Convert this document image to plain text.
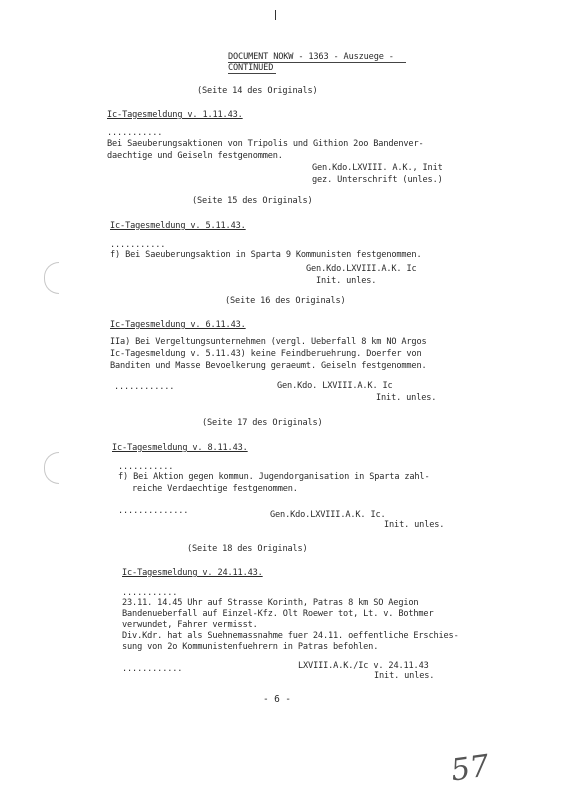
DOCUMENT NOKW - 1363 - Auszuege -
CONTINUED
(Seite 14 des Originals)
Ic-Tagesmeldung v. 1.11.43.
...........
Bei Saeuberungsaktionen von Tripolis und Githion 2oo Bandenver-
daechtige und Geiseln festgenommen.
Gen.Kdo.LXVIII. A.K., Init
gez. Unterschrift (unles.)
(Seite 15 des Originals)
Ic-Tagesmeldung v. 5.11.43.
...........
f) Bei Saeuberungsaktion in Sparta 9 Kommunisten festgenommen.
Gen.Kdo.LXVIII.A.K. Ic
Init. unles.
(Seite 16 des Originals)
Ic-Tagesmeldung v. 6.11.43.
IIa) Bei Vergeltungsunternehmen (vergl. Ueberfall 8 km NO Argos
Ic-Tagesmeldung v. 5.11.43) keine Feindberuehrung. Doerfer von
Banditen und Masse Bevoelkerung geraeumt. Geiseln festgenommen.
............	Gen.Kdo. LXVIII.A.K. Ic
Init. unles.
(Seite 17 des Originals)
Ic-Tagesmeldung v. 8.11.43.
...........
f) Bei Aktion gegen kommun. Jugendorganisation in Sparta zahl-
reiche Verdaechtige festgenommen.
..............	Gen.Kdo.LXVIII.A.K. Ic.
Init. unles.
(Seite 18 des Originals)
Ic-Tagesmeldung v. 24.11.43.
...........
23.11. 14.45 Uhr auf Strasse Korinth, Patras 8 km SO Aegion
Bandenueberfall auf Einzel-Kfz. Olt Roewer tot, Lt. v. Bothmer
verwundet, Fahrer vermisst.
Div.Kdr. hat als Suehnemassnahme fuer 24.11. oeffentliche Erschies-
sung von 2o Kommunistenfuehrern in Patras befohlen.
............	LXVIII.A.K./Ic v. 24.11.43
Init. unles.
- 6 -
57
